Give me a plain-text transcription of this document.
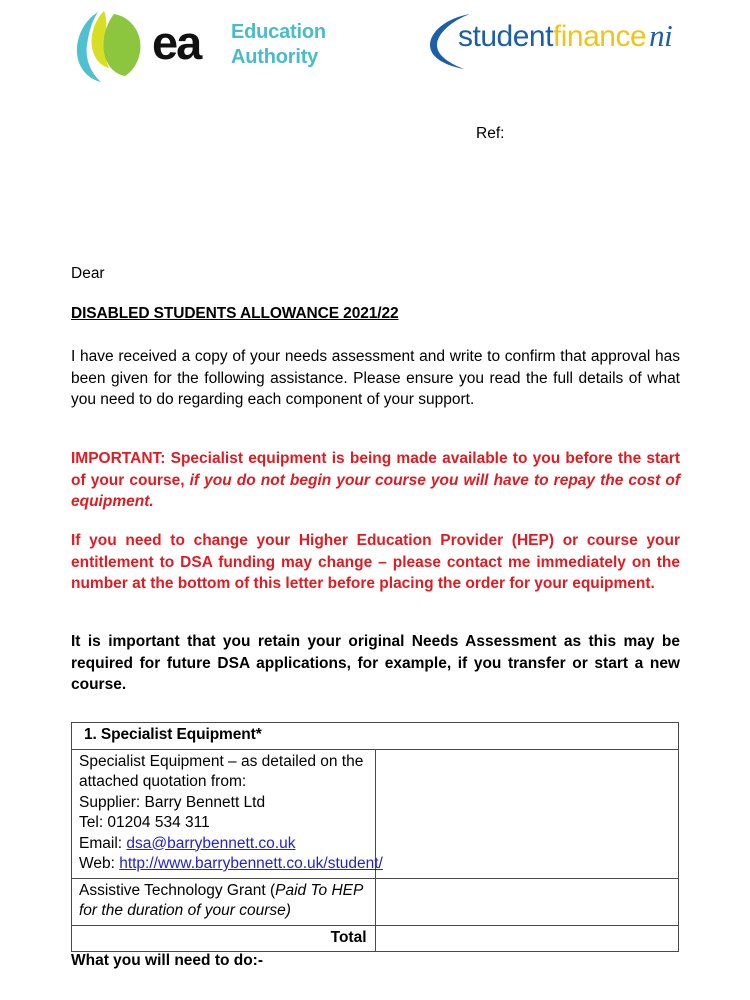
ea Education
Authority
studentfinanceni
Ref:
Dear
DISABLED STUDENTS ALLOWANCE 2021/22
I have received a copy of your needs assessment and write to confirm that approval has been given for the following assistance. Please ensure you read the full details of what you need to do regarding each component of your support.
IMPORTANT: Specialist equipment is being made available to you before the start of your course, if you do not begin your course you will have to repay the cost of equipment.
If you need to change your Higher Education Provider (HEP) or course your entitlement to DSA funding may change – please contact me immediately on the number at the bottom of this letter before placing the order for your equipment.
It is important that you retain your original Needs Assessment as this may be required for future DSA applications, for example, if you transfer or start a new course.
1. Specialist Equipment*	

Specialist Equipment – as detailed on the
attached quotation from:
Supplier: Barry Bennett Ltd
Tel: 01204 534 311
Email: dsa@barrybennett.co.uk
Web: http://www.barrybennett.co.uk/student/

Assistive Technology Grant (Paid To HEP for the duration of your course)	
Total	
What you will need to do:-
